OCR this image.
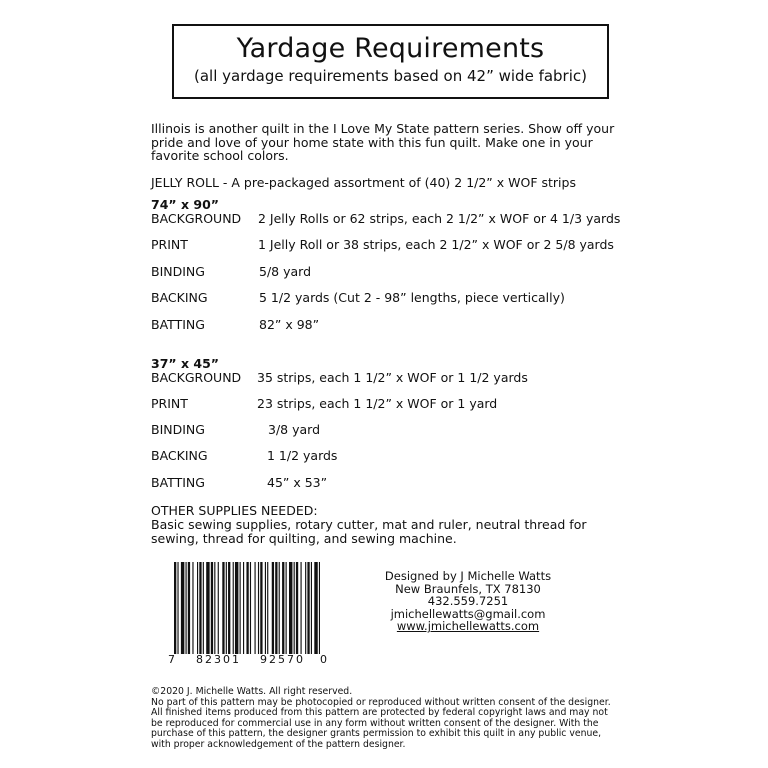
Yardage Requirements
(all yardage requirements based on 42” wide fabric)
Illinois is another quilt in the I Love My State pattern series. Show off your pride and love of your home state with this fun quilt. Make one in your favorite school colors.
JELLY ROLL - A pre-packaged assortment of (40) 2 1/2” x WOF strips
74” x 90”
BACKGROUND 2 Jelly Rolls or 62 strips, each 2 1/2” x WOF or 4 1/3 yards
PRINT	1 Jelly Roll or 38 strips, each 2 1/2” x WOF or 2 5/8 yards
BINDING	5/8 yard
BACKING	5 1/2 yards (Cut 2 - 98” lengths, piece vertically)
BATTING	82” x 98”
37” x 45”
BACKGROUND 35 strips, each 1 1/2” x WOF or 1 1/2 yards
PRINT	23 strips, each 1 1/2” x WOF or 1 yard
BINDING	3/8 yard
BACKING	1 1/2 yards
BATTING	45” x 53”
OTHER SUPPLIES NEEDED:
Basic sewing supplies, rotary cutter, mat and ruler, neutral thread for sewing, thread for quilting, and sewing machine.
7 82301 92570 0
Designed by J Michelle Watts
New Braunfels, TX 78130
432.559.7251
jmichellewatts@gmail.com
www.jmichellewatts.com
©2020 J. Michelle Watts. All right reserved.
No part of this pattern may be photocopied or reproduced without written consent of the designer. All finished items produced from this pattern are protected by federal copyright laws and may not be reproduced for commercial use in any form without written consent of the designer. With the purchase of this pattern, the designer grants permission to exhibit this quilt in any public venue, with proper acknowledgement of the pattern designer.
